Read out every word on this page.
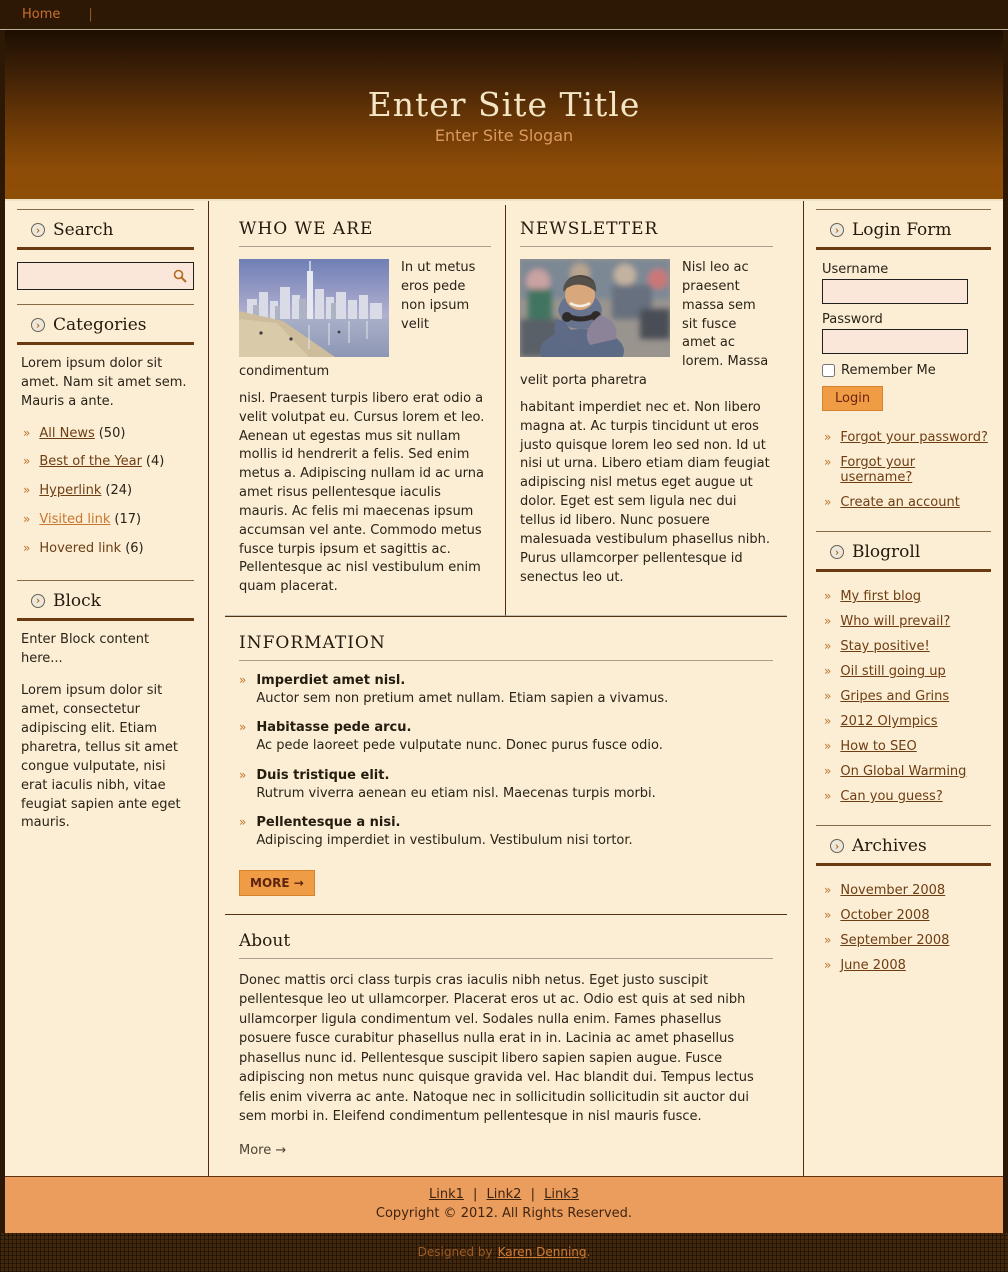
Home |
Enter Site Title
Enter Site Slogan
›
Search
›
Categories
Lorem ipsum dolor sit amet. Nam sit amet sem. Mauris a ante.
»
All News (50)
»
Best of the Year (4)
»
Hyperlink (24)
»
Visited link (17)
»
Hovered link (6)
›
Block

Enter Block content here...

Lorem ipsum dolor sit amet, consectetur adipiscing elit. Etiam pharetra, tellus sit amet congue vulputate, nisi erat iaculis nibh, vitae feugiat sapien ante eget mauris.

WHO WE ARE
In ut metus eros pede non ipsum velit condimentum
nisl. Praesent turpis libero erat odio a velit volutpat eu. Cursus lorem et leo. Aenean ut egestas mus sit nullam mollis id hendrerit a felis. Sed enim metus a. Adipiscing nullam id ac urna amet risus pellentesque iaculis mauris. Ac felis mi maecenas ipsum accumsan vel ante. Commodo metus fusce turpis ipsum et sagittis ac. Pellentesque ac nisl vestibulum enim quam placerat.
NEWSLETTER
Nisl leo ac praesent massa sem sit fusce amet ac lorem. Massa velit porta pharetra
habitant imperdiet nec et. Non libero magna at. Ac turpis tincidunt ut eros justo quisque lorem leo sed non. Id ut nisi ut urna. Libero etiam diam feugiat adipiscing nisl metus eget augue ut dolor. Eget est sem ligula nec dui tellus id libero. Nunc posuere malesuada vestibulum phasellus nibh. Purus ullamcorper pellentesque id senectus leo ut.
INFORMATION
»
Imperdiet amet nisl.
Auctor sem non pretium amet nullam. Etiam sapien a vivamus.
»
Habitasse pede arcu.
Ac pede laoreet pede vulputate nunc. Donec purus fusce odio.
»
Duis tristique elit.
Rutrum viverra aenean eu etiam nisl. Maecenas turpis morbi.
»
Pellentesque a nisi.
Adipiscing imperdiet in vestibulum. Vestibulum nisi tortor.
MORE →
About
Donec mattis orci class turpis cras iaculis nibh netus. Eget justo suscipit pellentesque leo ut ullamcorper. Placerat eros ut ac. Odio est quis at sed nibh ullamcorper ligula condimentum vel. Sodales nulla enim. Fames phasellus posuere fusce curabitur phasellus nulla erat in in. Lacinia ac amet phasellus phasellus nunc id. Pellentesque suscipit libero sapien sapien augue. Fusce adipiscing non metus nunc quisque gravida vel. Hac blandit dui. Tempus lectus felis enim viverra ac ante. Natoque nec in sollicitudin sollicitudin sit auctor dui sem morbi in. Eleifend condimentum pellentesque in nisl mauris fusce.
More →
›
Login Form
Username
Password
Remember Me
Login
»
Forgot your password?
»
Forgot your username?
»
Create an account
›
Blogroll
»
My first blog
»
Who will prevail?
»
Stay positive!
»
Oil still going up
»
Gripes and Grins
»
2012 Olympics
»
How to SEO
»
On Global Warming
»
Can you guess?
›
Archives
»
November 2008
»
October 2008
»
September 2008
»
June 2008
Link1 | Link2 | Link3
Copyright © 2012. All Rights Reserved.
Designed by Karen Denning .
